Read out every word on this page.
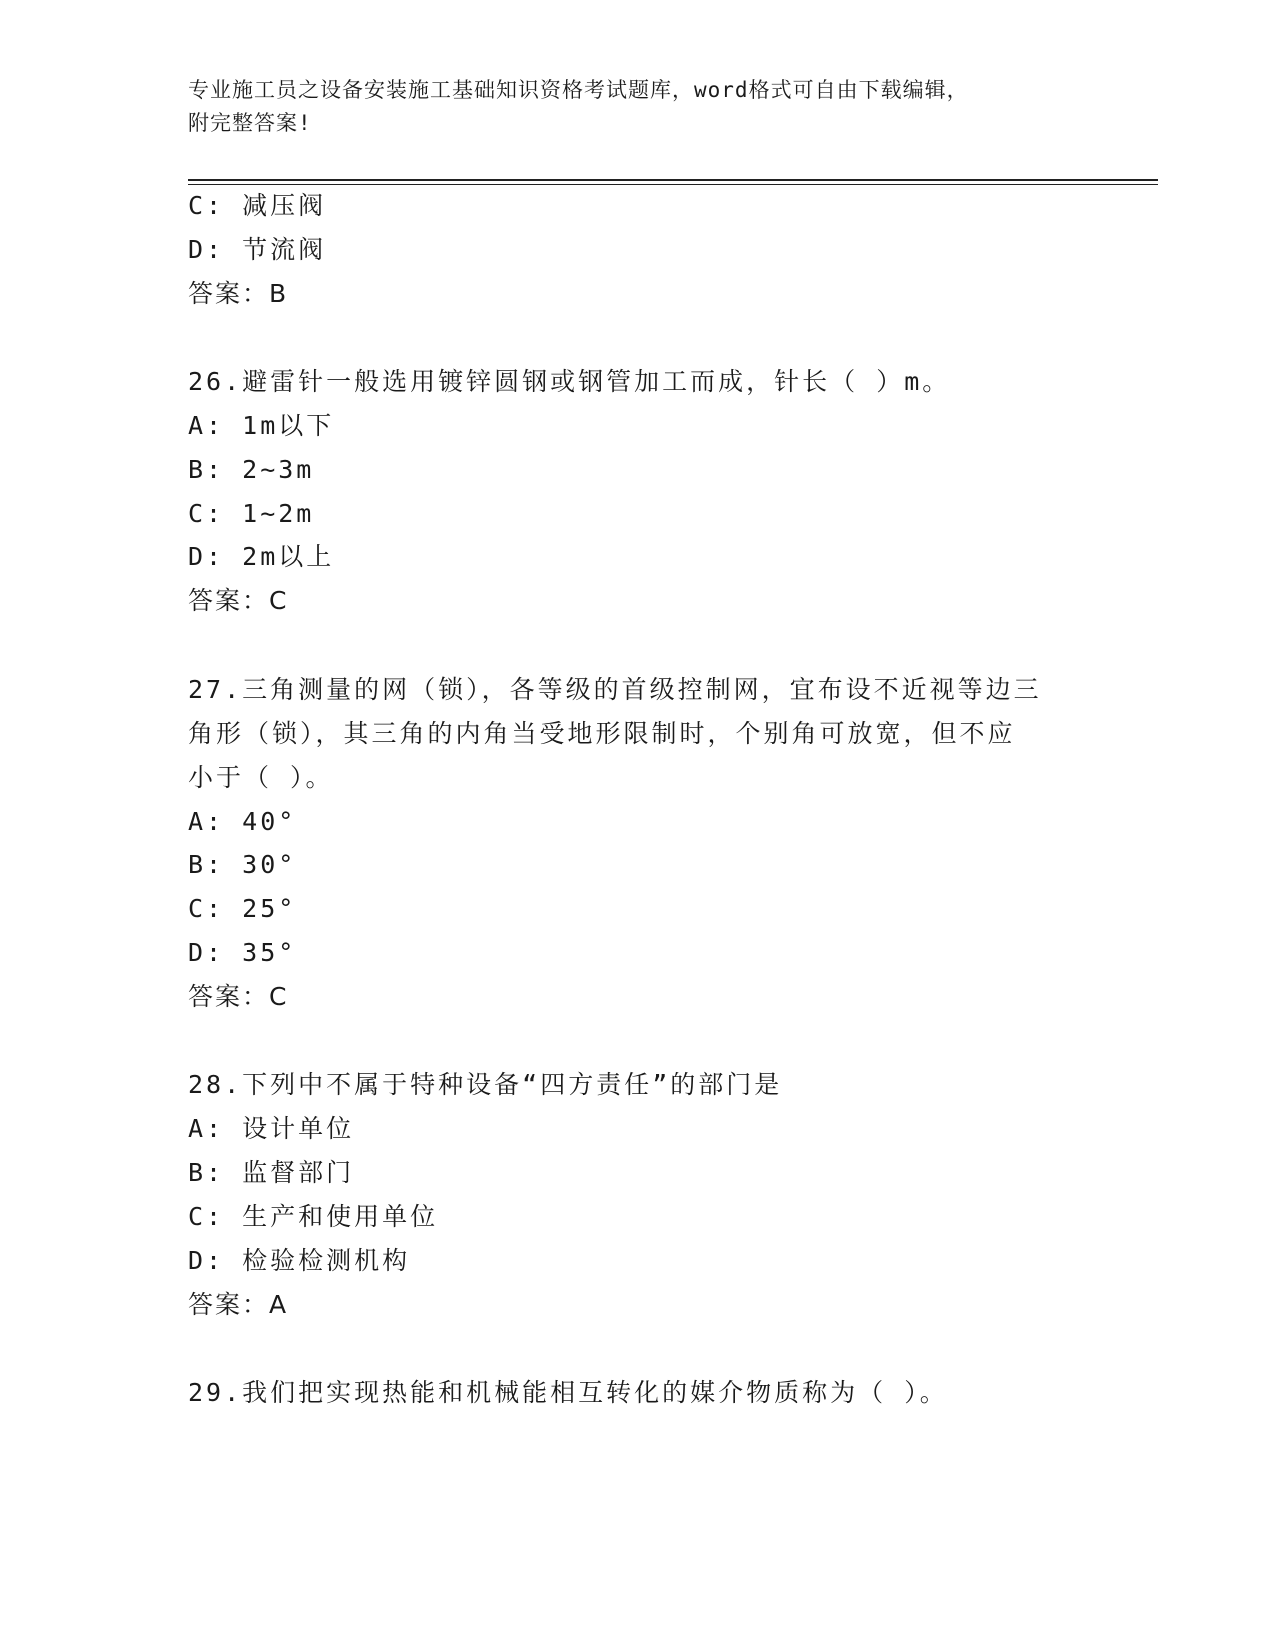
专业施工员之设备安装施工基础知识资格考试题库，word格式可自由下载编辑，
附完整答案!
C: 减压阀
D: 节流阀
答案：B
26.避雷针一般选用镀锌圆钢或钢管加工而成，针长（ ）m。
A: 1m以下
B: 2~3m
C: 1~2m
D: 2m以上
答案：C
27.三角测量的网（锁），各等级的首级控制网，宜布设不近视等边三
角形（锁），其三角的内角当受地形限制时，个别角可放宽，但不应
小于（ ）。
A: 40°
B: 30°
C: 25°
D: 35°
答案：C
28.下列中不属于特种设备“四方责任”的部门是
A: 设计单位
B: 监督部门
C: 生产和使用单位
D: 检验检测机构
答案：A
29.我们把实现热能和机械能相互转化的媒介物质称为（ ）。
